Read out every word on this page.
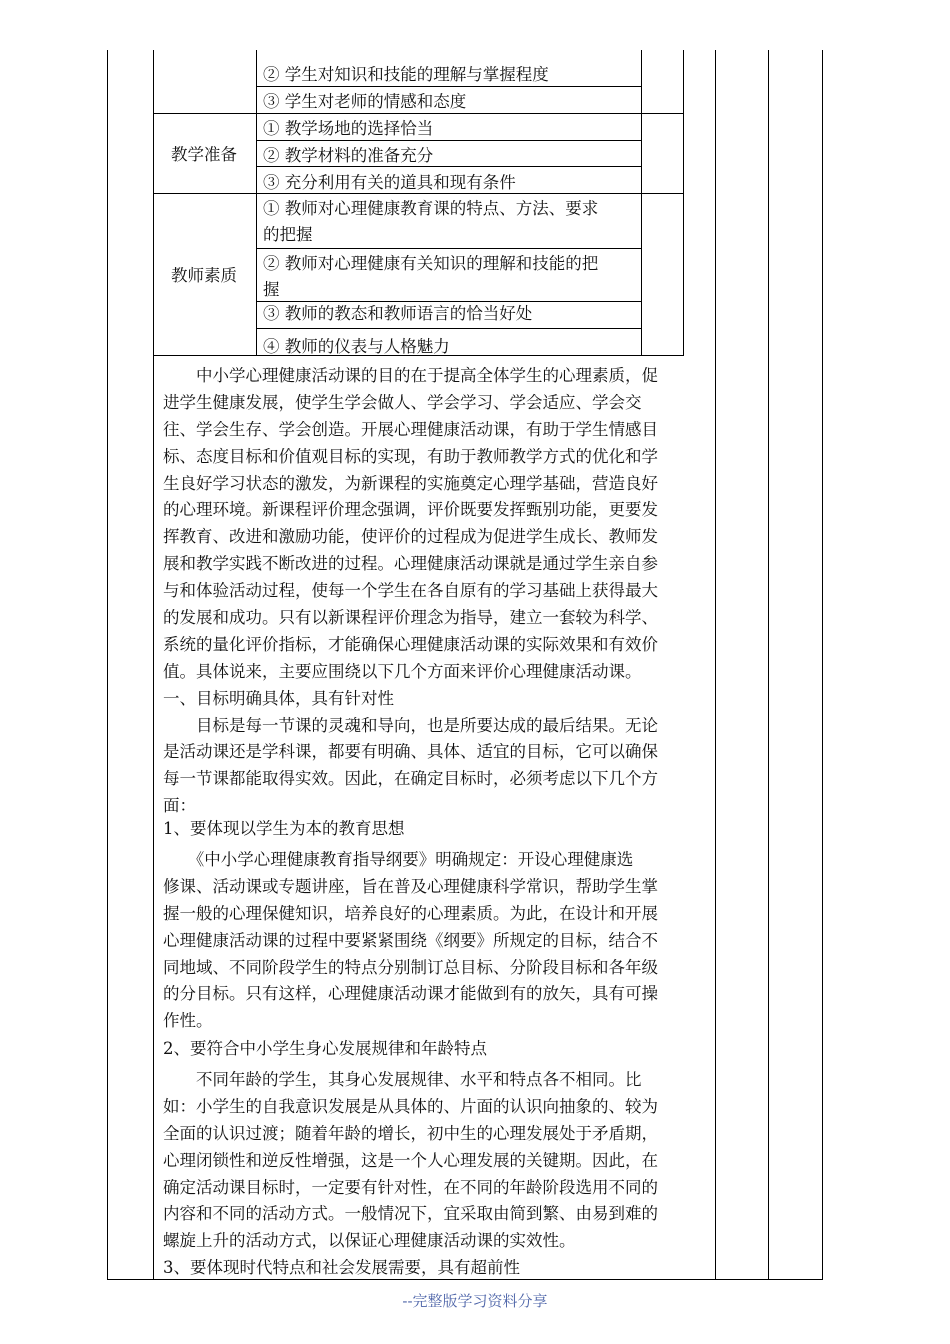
② 学生对知识和技能的理解与掌握程度
③ 学生对老师的情感和态度
教学准备
① 教学场地的选择恰当
② 教学材料的准备充分
③ 充分利用有关的道具和现有条件
教师素质
① 教师对心理健康教育课的特点、方法、要求
的把握
② 教师对心理健康有关知识的理解和技能的把
握
③ 教师的教态和教师语言的恰当好处
④ 教师的仪表与人格魅力
　　中小学心理健康活动课的目的在于提高全体学生的心理素质，促
进学生健康发展，使学生学会做人、学会学习、学会适应、学会交
往、学会生存、学会创造。开展心理健康活动课，有助于学生情感目
标、态度目标和价值观目标的实现，有助于教师教学方式的优化和学
生良好学习状态的激发，为新课程的实施奠定心理学基础，营造良好
的心理环境。新课程评价理念强调，评价既要发挥甄别功能，更要发
挥教育、改进和激励功能，使评价的过程成为促进学生成长、教师发
展和教学实践不断改进的过程。心理健康活动课就是通过学生亲自参
与和体验活动过程，使每一个学生在各自原有的学习基础上获得最大
的发展和成功。只有以新课程评价理念为指导，建立一套较为科学、
系统的量化评价指标，才能确保心理健康活动课的实际效果和有效价
值。具体说来，主要应围绕以下几个方面来评价心理健康活动课。
一、目标明确具体，具有针对性
　　目标是每一节课的灵魂和导向，也是所要达成的最后结果。无论
是活动课还是学科课，都要有明确、具体、适宜的目标，它可以确保
每一节课都能取得实效。因此，在确定目标时，必须考虑以下几个方
面：
1、要体现以学生为本的教育思想
　　《中小学心理健康教育指导纲要》明确规定：开设心理健康选
修课、活动课或专题讲座，旨在普及心理健康科学常识，帮助学生掌
握一般的心理保健知识，培养良好的心理素质。为此，在设计和开展
心理健康活动课的过程中要紧紧围绕《纲要》所规定的目标，结合不
同地域、不同阶段学生的特点分别制订总目标、分阶段目标和各年级
的分目标。只有这样，心理健康活动课才能做到有的放矢，具有可操
作性。
2、要符合中小学生身心发展规律和年龄特点
　　不同年龄的学生，其身心发展规律、水平和特点各不相同。比
如：小学生的自我意识发展是从具体的、片面的认识向抽象的、较为
全面的认识过渡；随着年龄的增长，初中生的心理发展处于矛盾期，
心理闭锁性和逆反性增强，这是一个人心理发展的关键期。因此，在
确定活动课目标时，一定要有针对性，在不同的年龄阶段选用不同的
内容和不同的活动方式。一般情况下，宜采取由简到繁、由易到难的
螺旋上升的活动方式，以保证心理健康活动课的实效性。
3、要体现时代特点和社会发展需要，具有超前性
--完整版学习资料分享
